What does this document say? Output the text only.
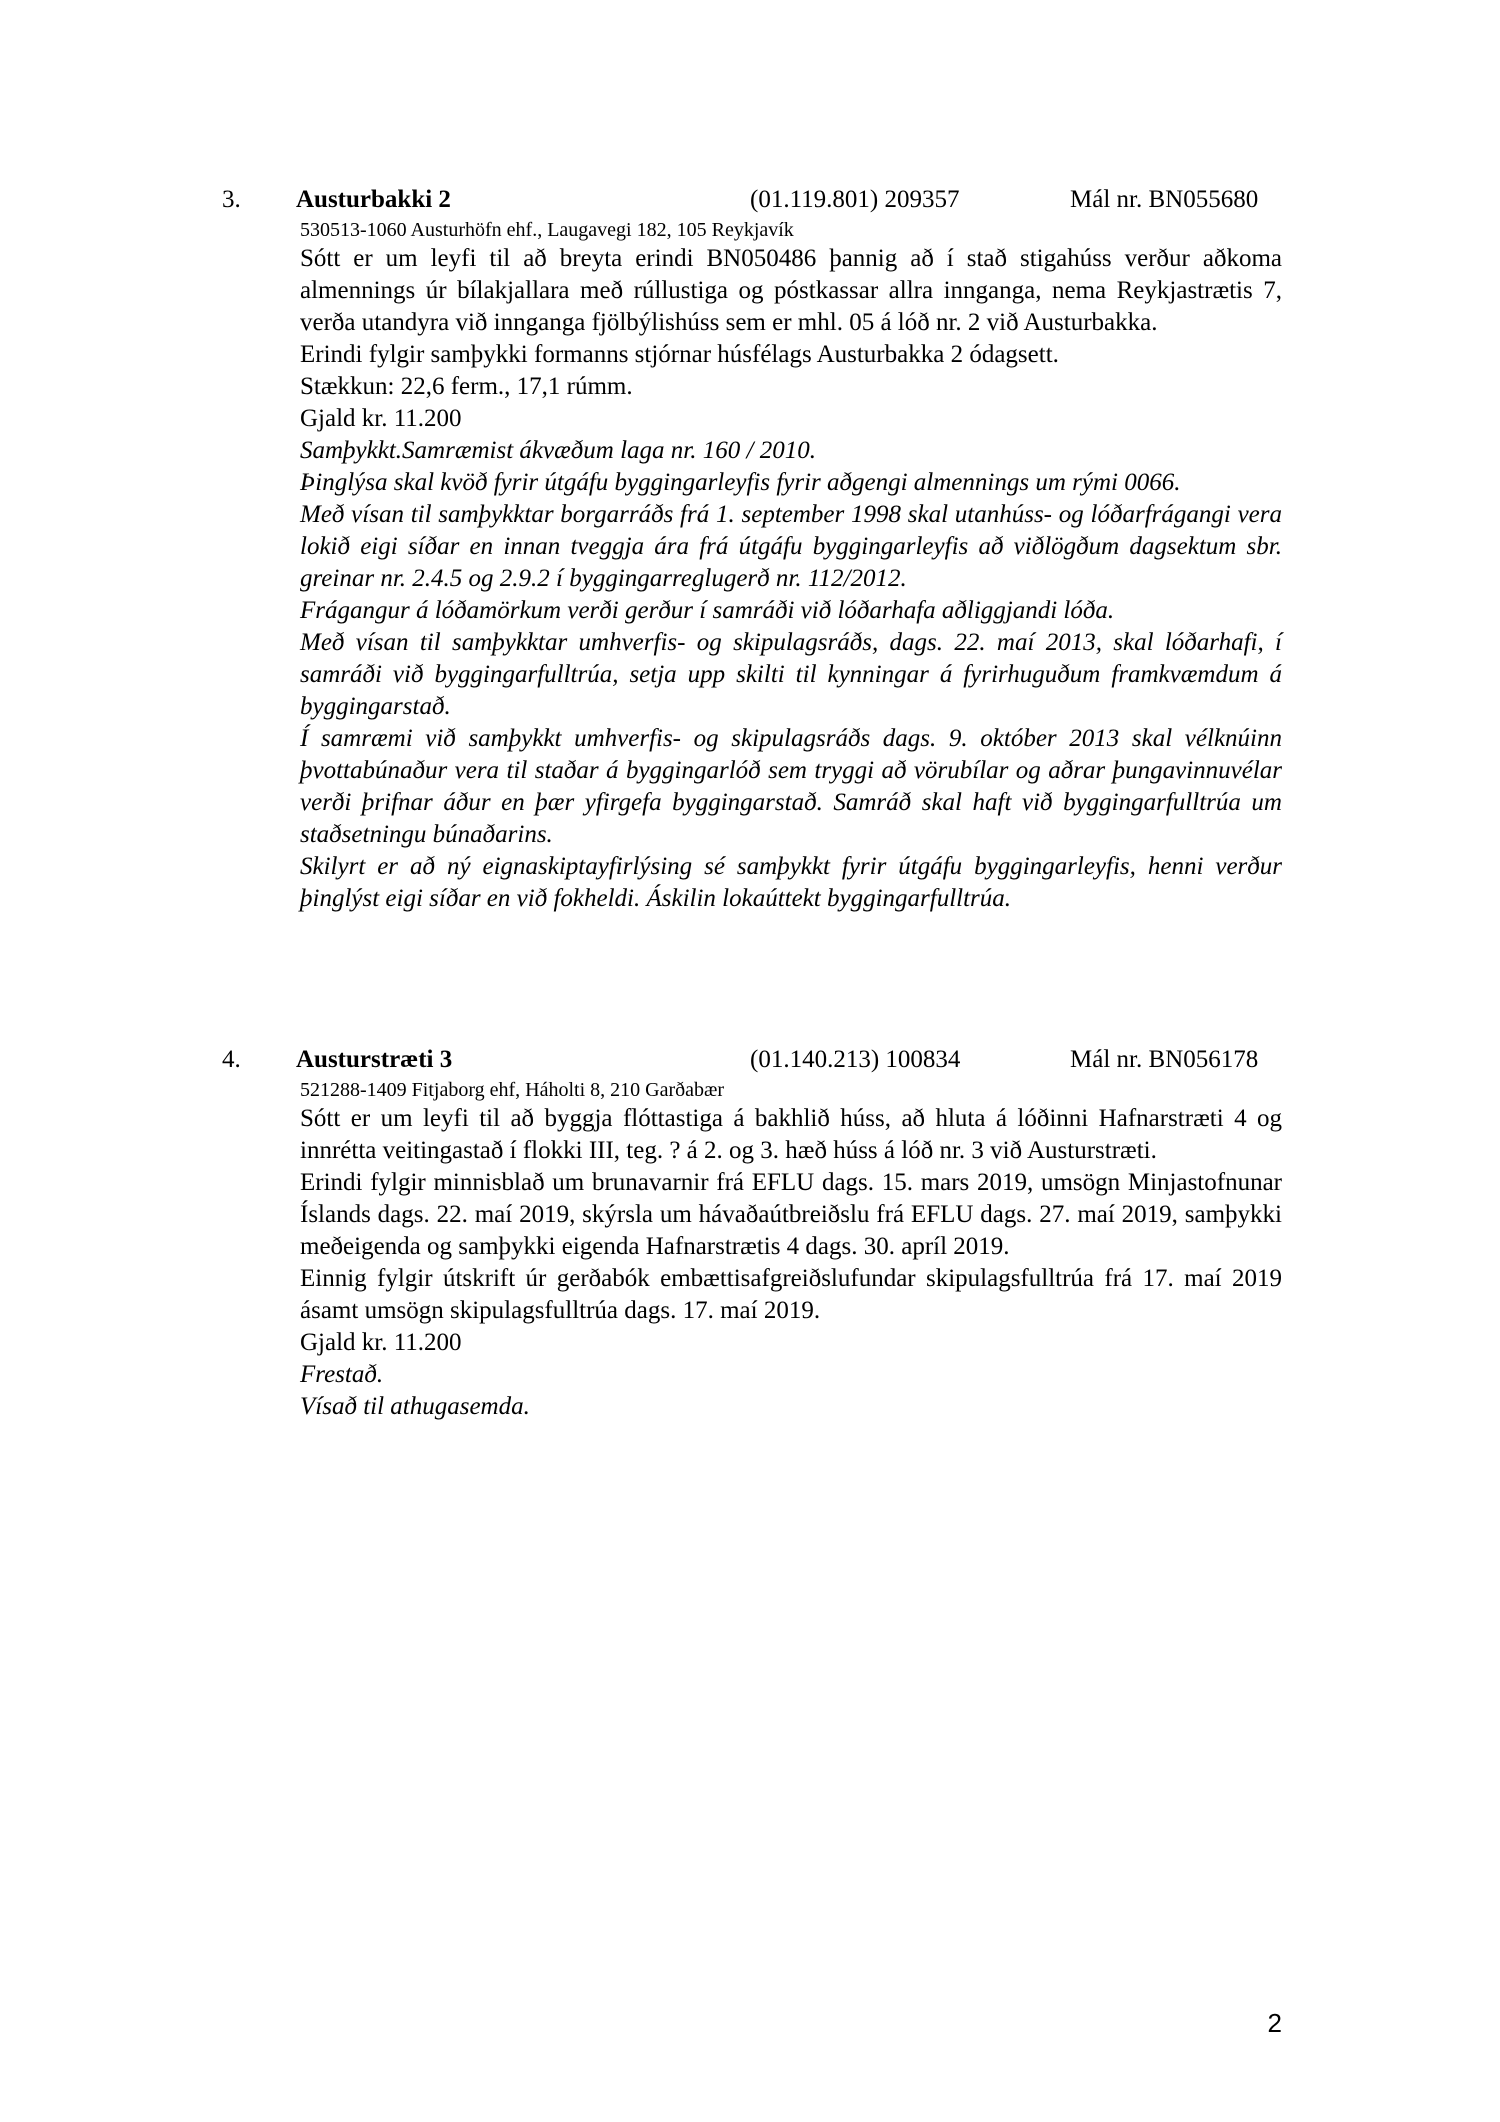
3. Austurbakki 2	(01.119.801) 209357	Mál nr. BN055680
530513-1060 Austurhöfn ehf., Laugavegi 182, 105 Reykjavík

Sótt er um leyfi til að breyta erindi BN050486 þannig að í stað stigahúss verður aðkoma almennings úr bílakjallara með rúllustiga og póstkassar allra inngangа, nema Reykjastrætis 7, verða utandyra við innganga fjölbýlishúss sem er mhl. 05 á lóð nr. 2 við Austurbakka.

Erindi fylgir samþykki formanns stjórnar húsfélags Austurbakka 2 ódagsett.

Stækkun: 22,6 ferm., 17,1 rúmm.

Gjald kr. 11.200

Samþykkt.Samræmist ákvæðum laga nr. 160 / 2010.

Þinglýsa skal kvöð fyrir útgáfu byggingarleyfis fyrir aðgengi almennings um rými 0066.

Með vísan til samþykktar borgarráðs frá 1. september 1998 skal utanhúss- og lóðarfrágangi vera lokið eigi síðar en innan tveggja ára frá útgáfu byggingarleyfis að viðlögðum dagsektum sbr. greinar nr. 2.4.5 og 2.9.2 í byggingarreglugerð nr. 112/2012.

Frágangur á lóðamörkum verði gerður í samráði við lóðarhafa aðliggjandi lóða.

Með vísan til samþykktar umhverfis- og skipulagsráðs, dags. 22. maí 2013, skal lóðarhafi, í samráði við byggingarfulltrúa, setja upp skilti til kynningar á fyrirhuguðum framkvæmdum á byggingarstað.

Í samræmi við samþykkt umhverfis- og skipulagsráðs dags. 9. október 2013 skal vélknúinn þvottabúnaður vera til staðar á byggingarlóð sem tryggi að vörubílar og aðrar þungavinnuvélar verði þrifnar áður en þær yfirgefa byggingarstað. Samráð skal haft við byggingarfulltrúa um staðsetningu búnaðarins.

Skilyrt er að ný eignaskiptayfirlýsing sé samþykkt fyrir útgáfu byggingarleyfis, henni verður þinglýst eigi síðar en við fokheldi. Áskilin lokaúttekt byggingarfulltrúa.

4. Austurstræti 3	(01.140.213) 100834	Mál nr. BN056178
521288-1409 Fitjaborg ehf, Háholti 8, 210 Garðabær

Sótt er um leyfi til að byggja flóttastiga á bakhlið húss, að hluta á lóðinni Hafnarstræti 4 og innrétta veitingastað í flokki III, teg. ? á 2. og 3. hæð húss á lóð nr. 3 við Austurstræti.

Erindi fylgir minnisblað um brunavarnir frá EFLU dags. 15. mars 2019, umsögn Minjastofnunar Íslands dags. 22. maí 2019, skýrsla um hávaðaútbreiðslu frá EFLU dags. 27. maí 2019, samþykki meðeigenda og samþykki eigenda Hafnarstrætis 4 dags. 30. apríl 2019.

Einnig fylgir útskrift úr gerðabók embættisafgreiðslufundar skipulagsfulltrúa frá 17. maí 2019 ásamt umsögn skipulagsfulltrúa dags. 17. maí 2019.

Gjald kr. 11.200

Frestað.

Vísað til athugasemda.

2
